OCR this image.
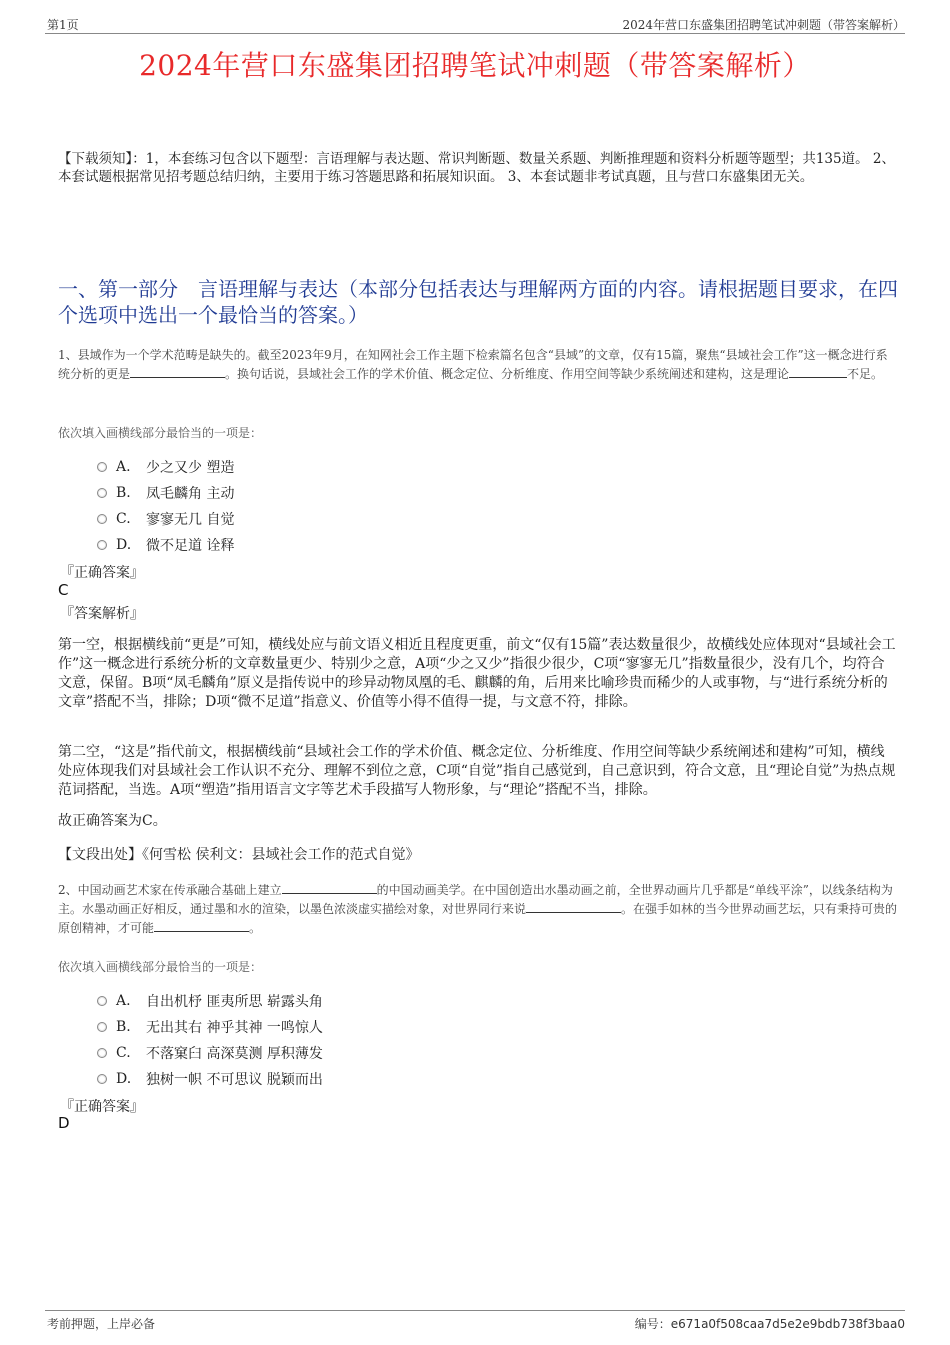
第1页	2024年营口东盛集团招聘笔试冲刺题（带答案解析）
2024年营口东盛集团招聘笔试冲刺题（带答案解析）
【下载须知】：1，本套练习包含以下题型：言语理解与表达题、常识判断题、数量关系题、判断推理题和资料分析题等题型；共135道。 2、本套试题根据常见招考题总结归纳，主要用于练习答题思路和拓展知识面。 3、本套试题非考试真题，且与营口东盛集团无关。
一、第一部分　言语理解与表达（本部分包括表达与理解两方面的内容。请根据题目要求，在四个选项中选出一个最恰当的答案。）
1、县域作为一个学术范畴是缺失的。截至2023年9月，在知网社会工作主题下检索篇名包含“县域”的文章，仅有15篇，聚焦“县域社会工作”这一概念进行系统分析的更是	。换句话说，县域社会工作的学术价值、概念定位、分析维度、作用空间等缺少系统阐述和建构，这是理论	不足。
依次填入画横线部分最恰当的一项是：
A.	少之又少 塑造
B.	凤毛麟角 主动
C.	寥寥无几 自觉
D.	微不足道 诠释
『正确答案』
C
『答案解析』
第一空，根据横线前“更是”可知，横线处应与前文语义相近且程度更重，前文“仅有15篇”表达数量很少，故横线处应体现对“县域社会工作”这一概念进行系统分析的文章数量更少、特别少之意，A项“少之又少”指很少很少，C项“寥寥无几”指数量很少，没有几个，均符合文意，保留。B项“凤毛麟角”原义是指传说中的珍异动物凤凰的毛、麒麟的角，后用来比喻珍贵而稀少的人或事物，与“进行系统分析的文章”搭配不当，排除；D项“微不足道”指意义、价值等小得不值得一提，与文意不符，排除。
第二空，“这是”指代前文，根据横线前“县域社会工作的学术价值、概念定位、分析维度、作用空间等缺少系统阐述和建构”可知，横线处应体现我们对县域社会工作认识不充分、理解不到位之意，C项“自觉”指自己感觉到，自己意识到，符合文意，且“理论自觉”为热点规范词搭配，当选。A项“塑造”指用语言文字等艺术手段描写人物形象，与“理论”搭配不当，排除。
故正确答案为C。
【文段出处】《何雪松 侯利文：县域社会工作的范式自觉》
2、中国动画艺术家在传承融合基础上建立	的中国动画美学。在中国创造出水墨动画之前，全世界动画片几乎都是“单线平涂”，以线条结构为主。水墨动画正好相反，通过墨和水的渲染，以墨色浓淡虚实描绘对象，对世界同行来说	。在强手如林的当今世界动画艺坛，只有秉持可贵的原创精神，才可能	。
依次填入画横线部分最恰当的一项是：
A.	自出机杼 匪夷所思 崭露头角
B.	无出其右 神乎其神 一鸣惊人
C.	不落窠臼 高深莫测 厚积薄发
D.	独树一帜 不可思议 脱颖而出
『正确答案』
D
考前押题，上岸必备	编号：e671a0f508caa7d5e2e9bdb738f3baa0
